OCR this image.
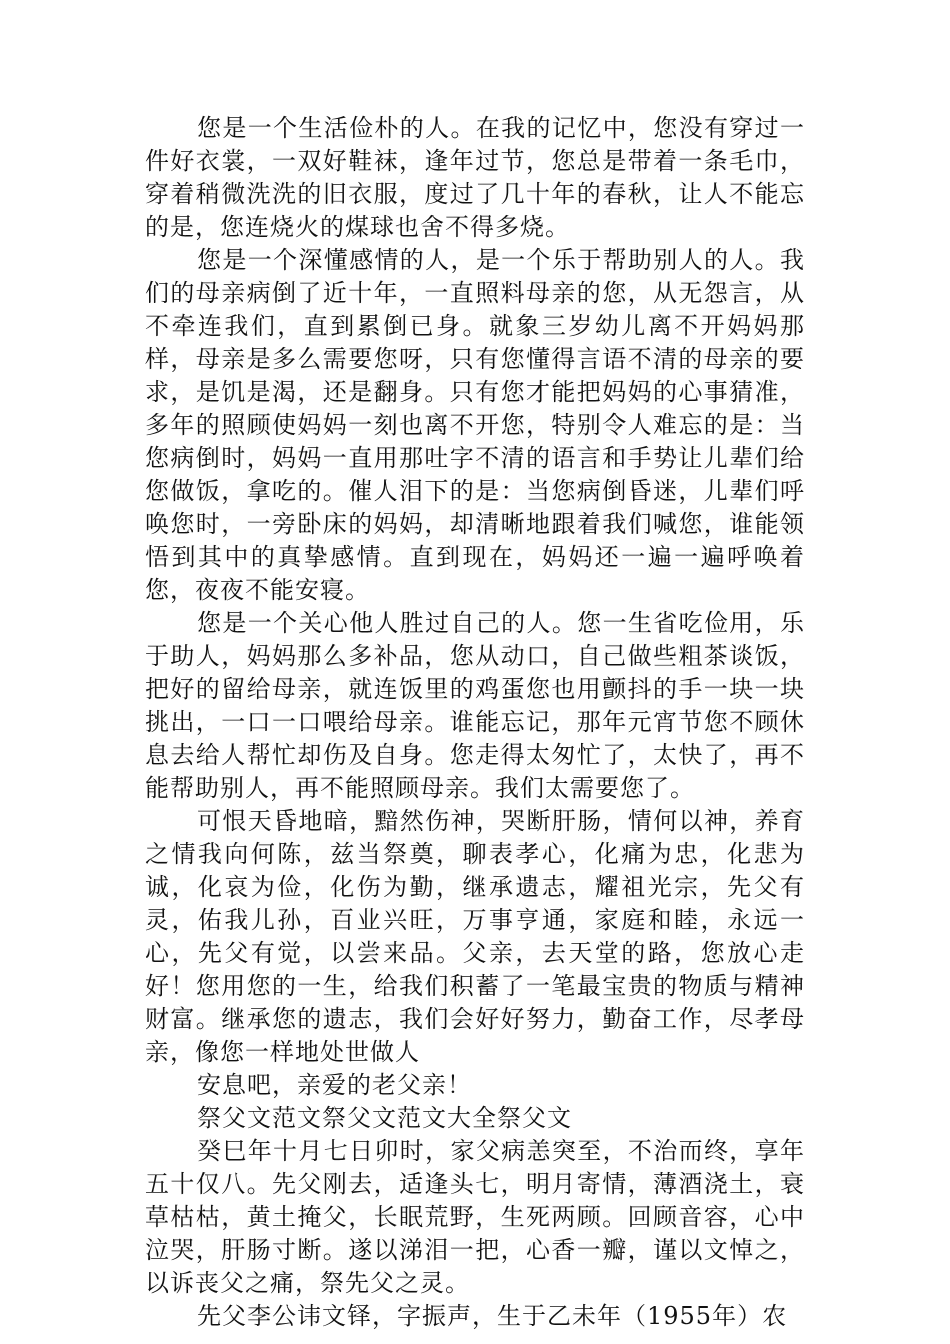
您是一个生活俭朴的人。在我的记忆中，您没有穿过一件好衣裳，一双好鞋袜，逢年过节，您总是带着一条毛巾，穿着稍微洗洗的旧衣服，度过了几十年的春秋，让人不能忘的是，您连烧火的煤球也舍不得多烧。

您是一个深懂感情的人，是一个乐于帮助别人的人。我们的母亲病倒了近十年，一直照料母亲的您，从无怨言，从不牵连我们，直到累倒已身。就象三岁幼儿离不开妈妈那样，母亲是多么需要您呀，只有您懂得言语不清的母亲的要求，是饥是渴，还是翻身。只有您才能把妈妈的心事猜准，多年的照顾使妈妈一刻也离不开您，特别令人难忘的是：当您病倒时，妈妈一直用那吐字不清的语言和手势让儿辈们给您做饭，拿吃的。催人泪下的是：当您病倒昏迷，儿辈们呼唤您时，一旁卧床的妈妈，却清晰地跟着我们喊您，谁能领悟到其中的真挚感情。直到现在，妈妈还一遍一遍呼唤着您，夜夜不能安寝。

您是一个关心他人胜过自己的人。您一生省吃俭用，乐于助人，妈妈那么多补品，您从动口，自己做些粗茶谈饭，把好的留给母亲，就连饭里的鸡蛋您也用颤抖的手一块一块挑出，一口一口喂给母亲。谁能忘记，那年元宵节您不顾休息去给人帮忙却伤及自身。您走得太匆忙了，太快了，再不能帮助别人，再不能照顾母亲。我们太需要您了。

可恨天昏地暗，黯然伤神，哭断肝肠，情何以神，养育之情我向何陈，兹当祭奠，聊表孝心，化痛为忠，化悲为诚，化哀为俭，化伤为勤，继承遗志，耀祖光宗，先父有灵，佑我儿孙，百业兴旺，万事亨通，家庭和睦，永远一心，先父有觉，以尝来品。父亲，去天堂的路，您放心走好！您用您的一生，给我们积蓄了一笔最宝贵的物质与精神财富。继承您的遗志，我们会好好努力，勤奋工作，尽孝母亲，像您一样地处世做人

安息吧，亲爱的老父亲！

祭父文范文祭父文范文大全祭父文

癸巳年十月七日卯时，家父病恙突至，不治而终，享年五十仅八。先父刚去，适逢头七，明月寄情，薄酒浇土，衰草枯枯，黄土掩父，长眠荒野，生死两顾。回顾音容，心中泣哭，肝肠寸断。遂以涕泪一把，心香一瓣，谨以文悼之，以诉丧父之痛，祭先父之灵。

先父李公讳文铎，字振声，生于乙未年（1955年）农
